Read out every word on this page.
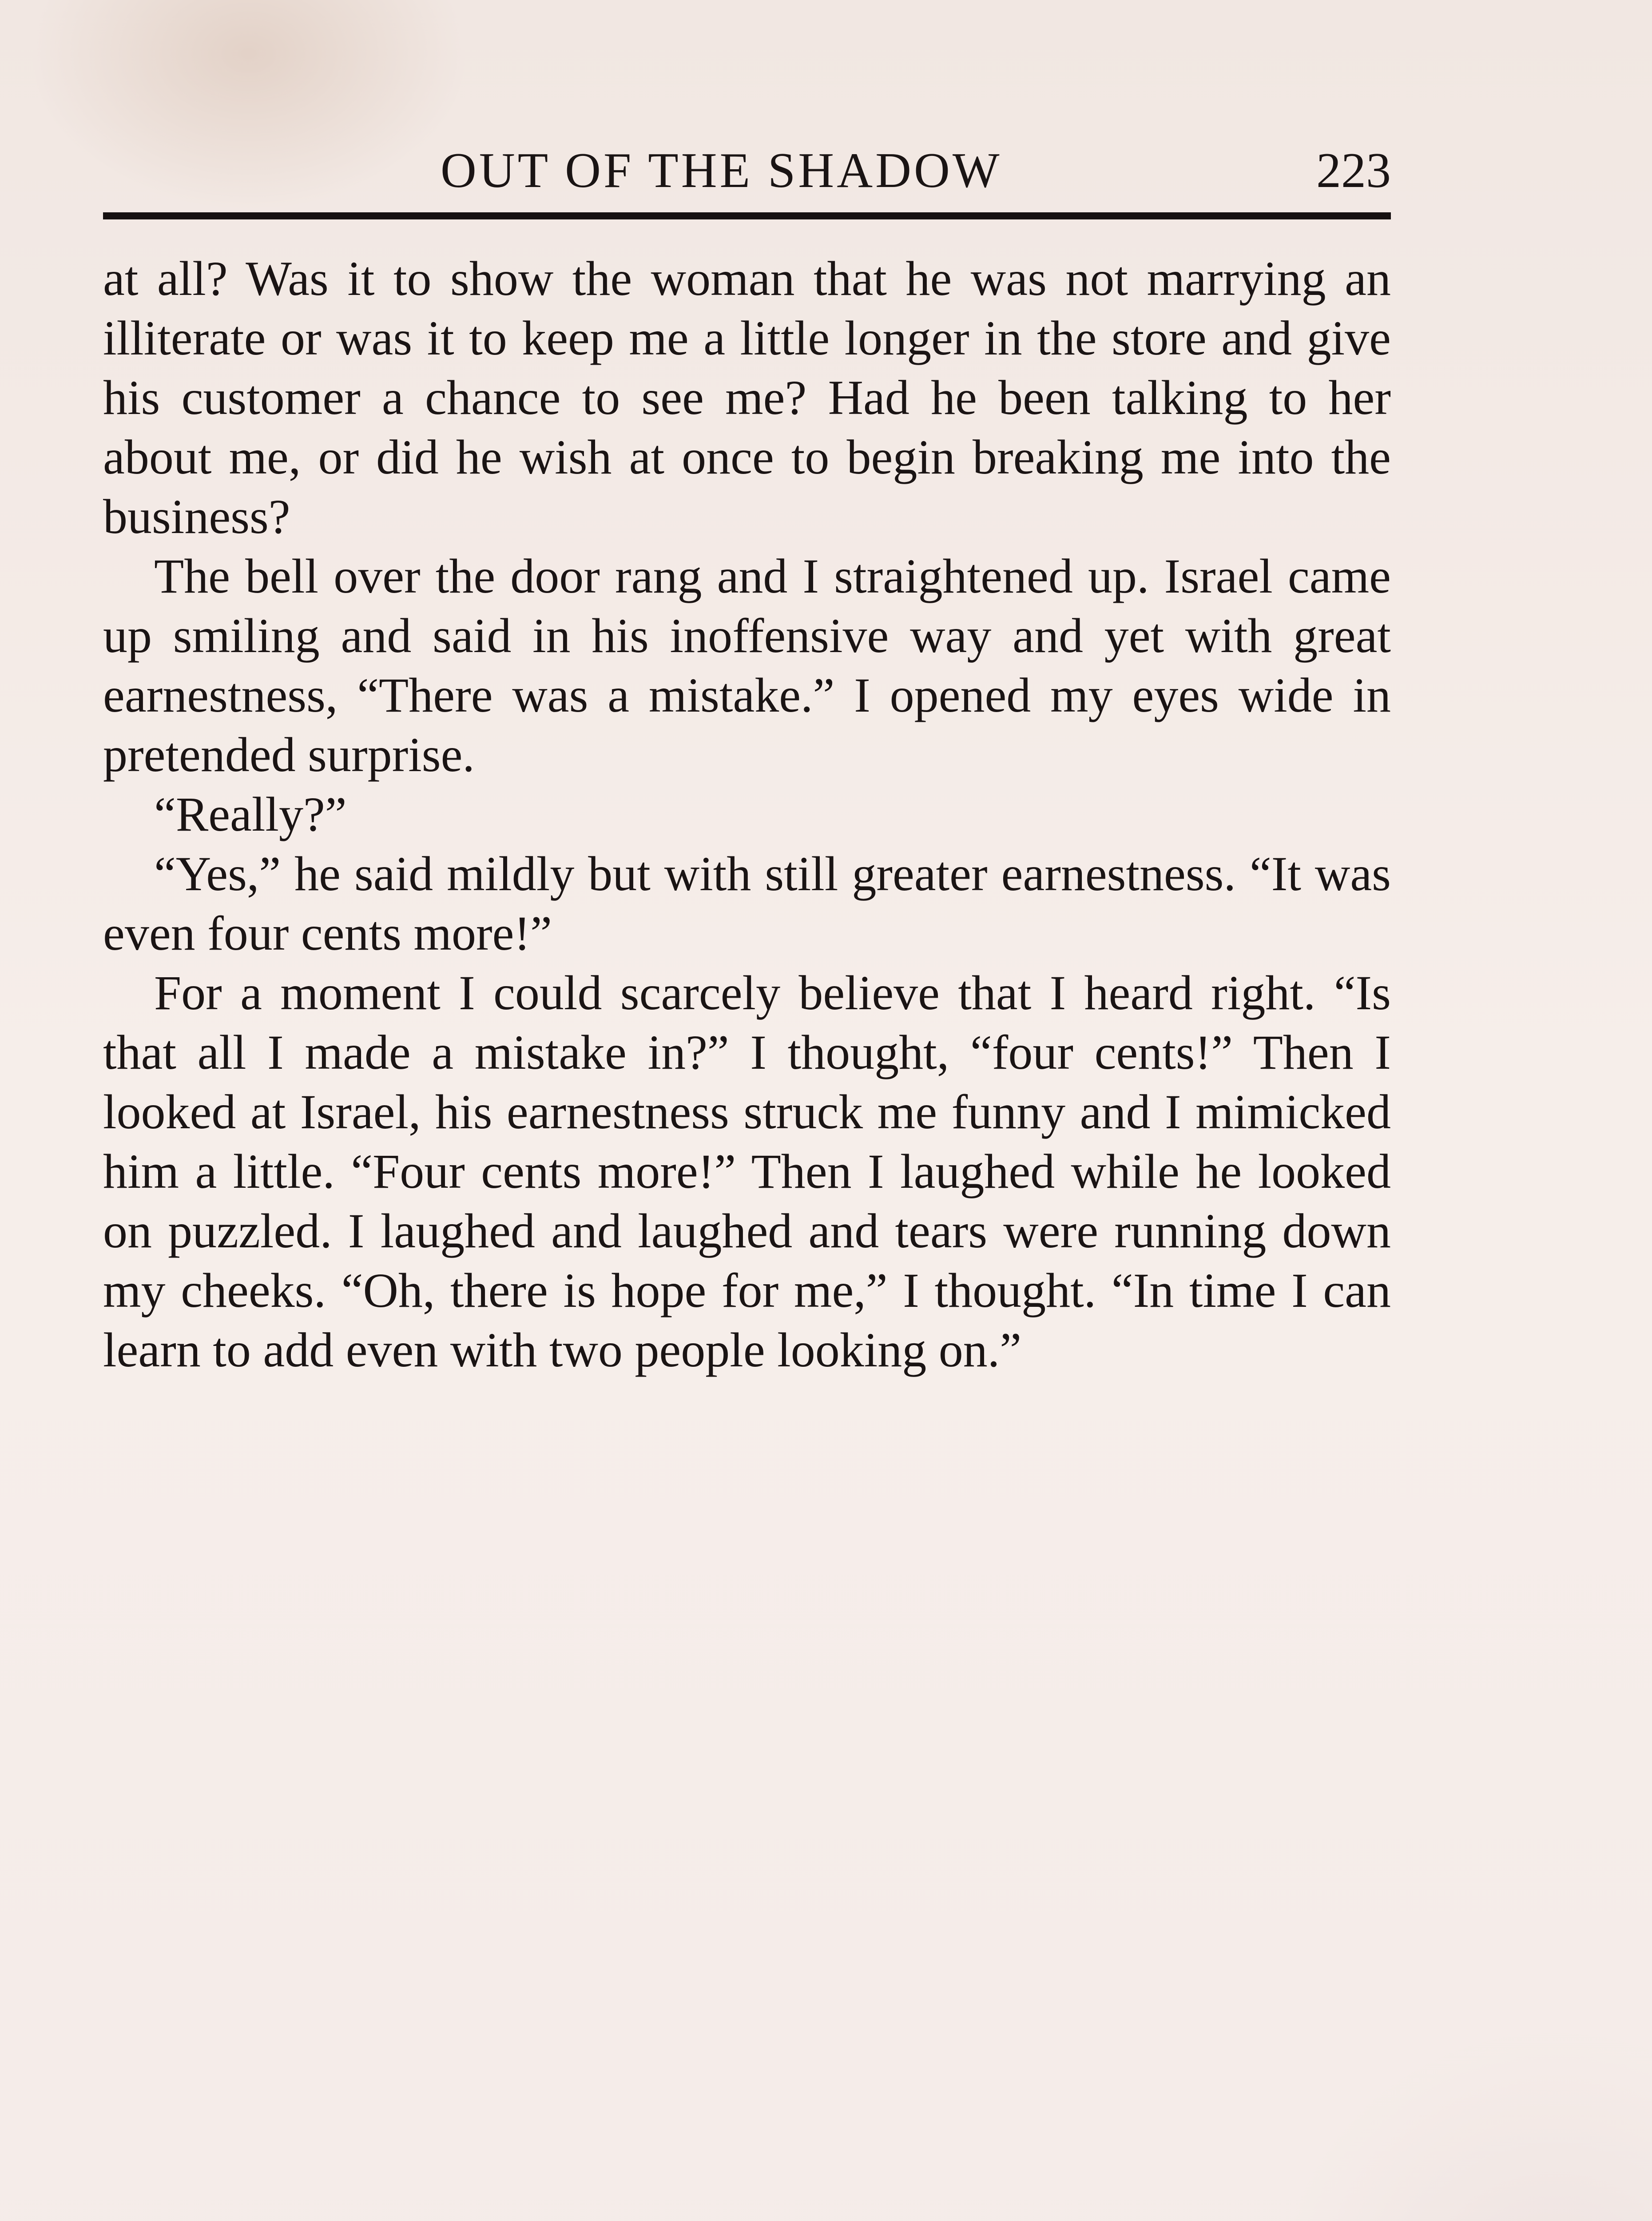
OUT OF THE SHADOW	223

at all? Was it to show the woman that he was not marrying an illiterate or was it to keep me a little longer in the store and give his customer a chance to see me? Had he been talking to her about me, or did he wish at once to begin breaking me into the business?

The bell over the door rang and I straightened up. Israel came up smiling and said in his inoffensive way and yet with great earnestness, “There was a mistake.” I opened my eyes wide in pretended surprise.

“Really?”

“Yes,” he said mildly but with still greater earnestness. “It was even four cents more!”

For a moment I could scarcely believe that I heard right. “Is that all I made a mistake in?” I thought, “four cents!” Then I looked at Israel, his earnestness struck me funny and I mimicked him a little. “Four cents more!” Then I laughed while he looked on puzzled. I laughed and laughed and tears were running down my cheeks. “Oh, there is hope for me,” I thought. “In time I can learn to add even with two people looking on.”
